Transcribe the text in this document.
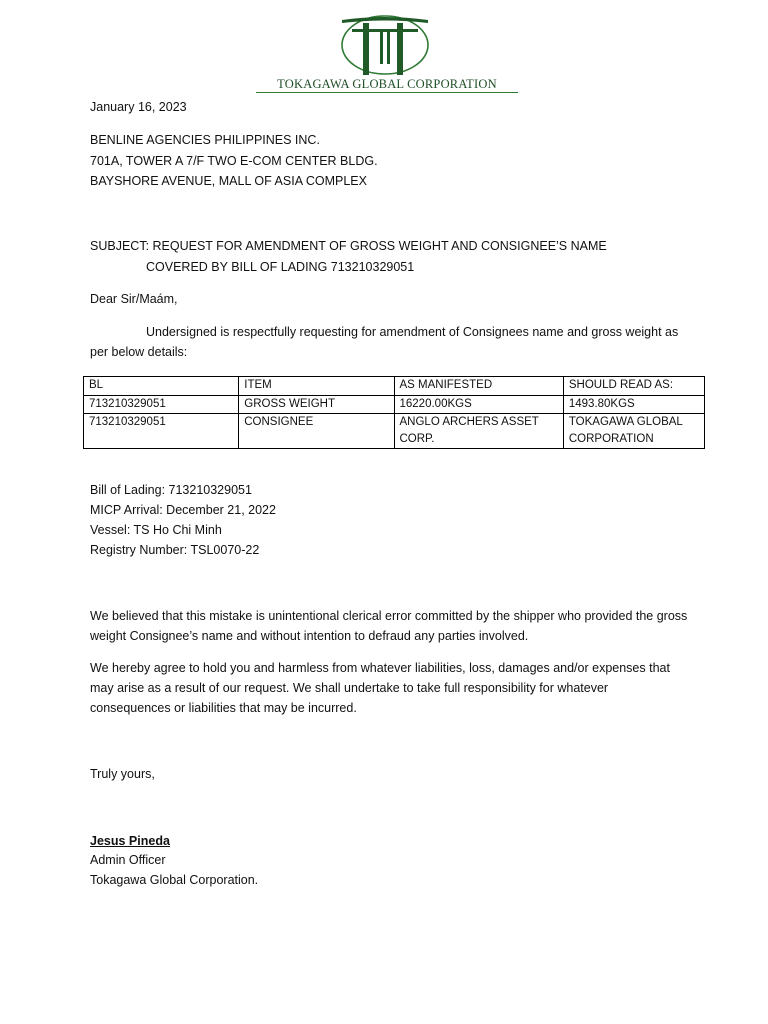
TOKAGAWA GLOBAL CORPORATION
January 16, 2023
BENLINE AGENCIES PHILIPPINES INC.
701A, TOWER A 7/F TWO E-COM CENTER BLDG.
BAYSHORE AVENUE, MALL OF ASIA COMPLEX
SUBJECT: REQUEST FOR AMENDMENT OF GROSS WEIGHT AND CONSIGNEE’S NAME
COVERED BY BILL OF LADING 713210329051
Dear Sir/Maám,
Undersigned is respectfully requesting for amendment of Consignees name and gross weight as per below details:
BL	ITEM	AS MANIFESTED	SHOULD READ AS:
713210329051	GROSS WEIGHT	16220.00KGS	1493.80KGS
713210329051	CONSIGNEE	ANGLO ARCHERS ASSET CORP.	TOKAGAWA GLOBAL CORPORATION
Bill of Lading: 713210329051
MICP Arrival: December 21, 2022
Vessel: TS Ho Chi Minh
Registry Number: TSL0070-22
We believed that this mistake is unintentional clerical error committed by the shipper who provided the gross weight Consignee’s name and without intention to defraud any parties involved.
We hereby agree to hold you and harmless from whatever liabilities, loss, damages and/or expenses that may arise as a result of our request. We shall undertake to take full responsibility for whatever consequences or liabilities that may be incurred.
Truly yours,
Jesus Pineda
Admin Officer
Tokagawa Global Corporation.
